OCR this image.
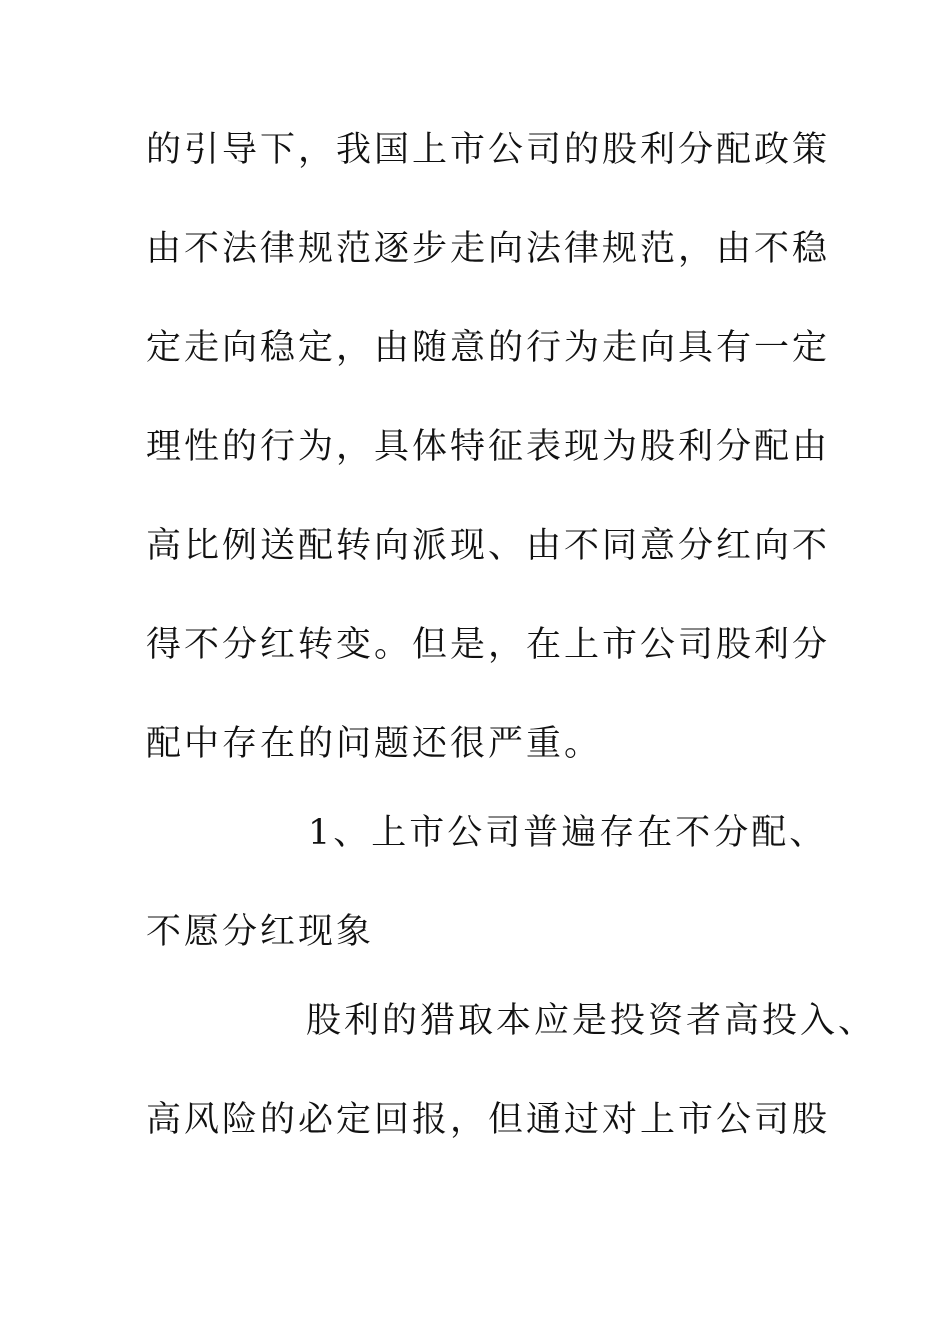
的引导下，我国上市公司的股利分配政策

由不法律规范逐步走向法律规范，由不稳

定走向稳定，由随意的行为走向具有一定

理性的行为，具体特征表现为股利分配由

高比例送配转向派现、由不同意分红向不

得不分红转变。但是，在上市公司股利分

配中存在的问题还很严重。

1、上市公司普遍存在不分配、

不愿分红现象

股利的猎取本应是投资者高投入、

高风险的必定回报，但通过对上市公司股
